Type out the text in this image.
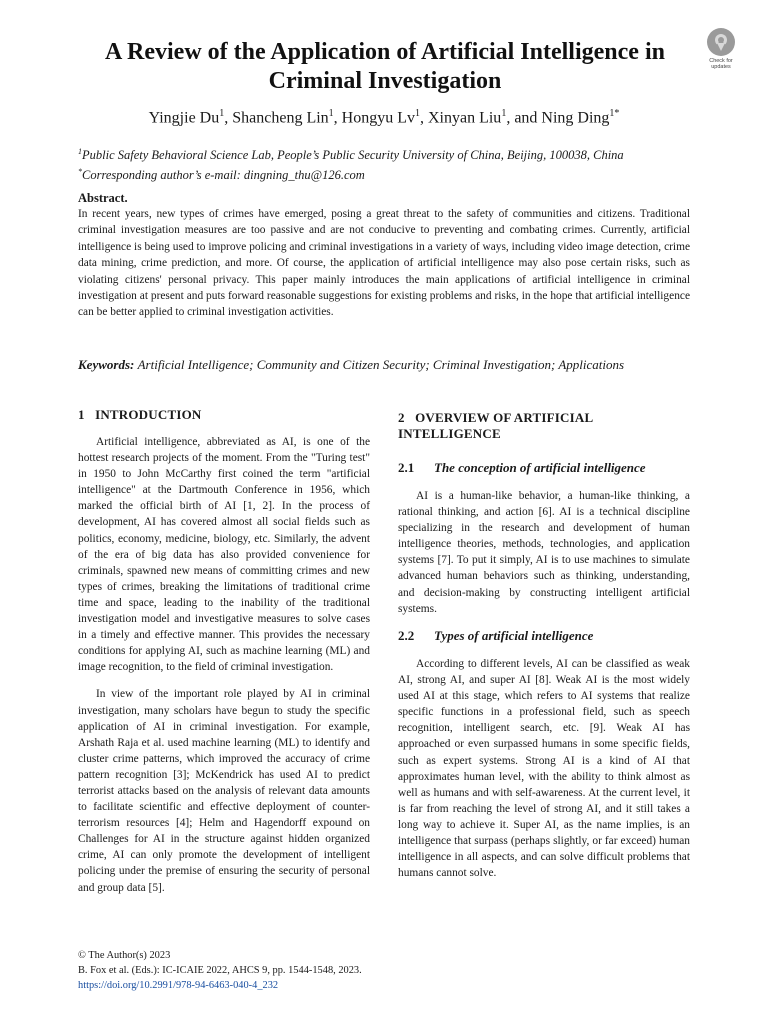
A Review of the Application of Artificial Intelligence in Criminal Investigation
Check for
updates
Yingjie Du$^1$, Shancheng Lin$^1$, Hongyu Lv$^1$, Xinyan Liu$^1$, and Ning Ding$^{1*}$
$^1$Public Safety Behavioral Science Lab, People’s Public Security University of China, Beijing, 100038, China
*Corresponding author’s e-mail: dingning_thu@126.com
Abstract.
In recent years, new types of crimes have emerged, posing a great threat to the safety of communities and citizens. Traditional criminal investigation measures are too passive and are not conducive to preventing and combating crimes. Currently, artificial intelligence is being used to improve policing and criminal investigations in a variety of ways, including video image detection, crime data mining, crime prediction, and more. Of course, the application of artificial intelligence may also pose certain risks, such as violating citizens' personal privacy. This paper mainly introduces the main applications of artificial intelligence in criminal investigation at present and puts forward reasonable suggestions for existing problems and risks, in the hope that artificial intelligence can be better applied to criminal investigation activities.
Keywords: Artificial Intelligence; Community and Citizen Security; Criminal Investigation; Applications
1 INTRODUCTION

Artificial intelligence, abbreviated as AI, is one of the hottest research projects of the moment. From the "Turing test" in 1950 to John McCarthy first coined the term "artificial intelligence" at the Dartmouth Conference in 1956, which marked the official birth of AI [1, 2]. In the process of development, AI has covered almost all social fields such as politics, economy, medicine, biology, etc. Similarly, the advent of the era of big data has also provided convenience for criminals, spawned new means of committing crimes and new types of crimes, breaking the limitations of traditional crime time and space, leading to the inability of the traditional investigation model and investigative measures to solve cases in a timely and effective manner. This provides the necessary conditions for applying AI, such as machine learning (ML) and image recognition, to the field of criminal investigation.

In view of the important role played by AI in criminal investigation, many scholars have begun to study the specific application of AI in criminal investigation. For example, Arshath Raja et al. used machine learning (ML) to identify and cluster crime patterns, which improved the accuracy of crime pattern recognition [3]; McKendrick has used AI to predict terrorist attacks based on the analysis of relevant data amounts to facilitate scientific and effective deployment of counter-terrorism resources [4]; Helm and Hagendorff expound on Challenges for AI in the structure against hidden organized crime, AI can only promote the development of intelligent policing under the premise of ensuring the security of personal and group data [5].

2 OVERVIEW OF ARTIFICIAL INTELLIGENCE
2.1 The conception of artificial intelligence

AI is a human-like behavior, a human-like thinking, a rational thinking, and action [6]. AI is a technical discipline specializing in the research and development of human intelligence theories, methods, technologies, and application systems [7]. To put it simply, AI is to use machines to simulate advanced human behaviors such as thinking, understanding, and decision-making by constructing intelligent artificial systems.

2.2 Types of artificial intelligence

According to different levels, AI can be classified as weak AI, strong AI, and super AI [8]. Weak AI is the most widely used AI at this stage, which refers to AI systems that realize specific functions in a professional field, such as speech recognition, intelligent search, etc. [9]. Weak AI has approached or even surpassed humans in some specific fields, such as expert systems. Strong AI is a kind of AI that approximates human level, with the ability to think almost as well as humans and with self-awareness. At the current level, it is far from reaching the level of strong AI, and it still takes a long way to achieve it. Super AI, as the name implies, is an intelligence that surpass (perhaps slightly, or far exceed) human intelligence in all aspects, and can solve difficult problems that humans cannot solve.

© The Author(s) 2023
B. Fox et al. (Eds.): IC-ICAIE 2022, AHCS 9, pp. 1544-1548, 2023.
https://doi.org/10.2991/978-94-6463-040-4_232
